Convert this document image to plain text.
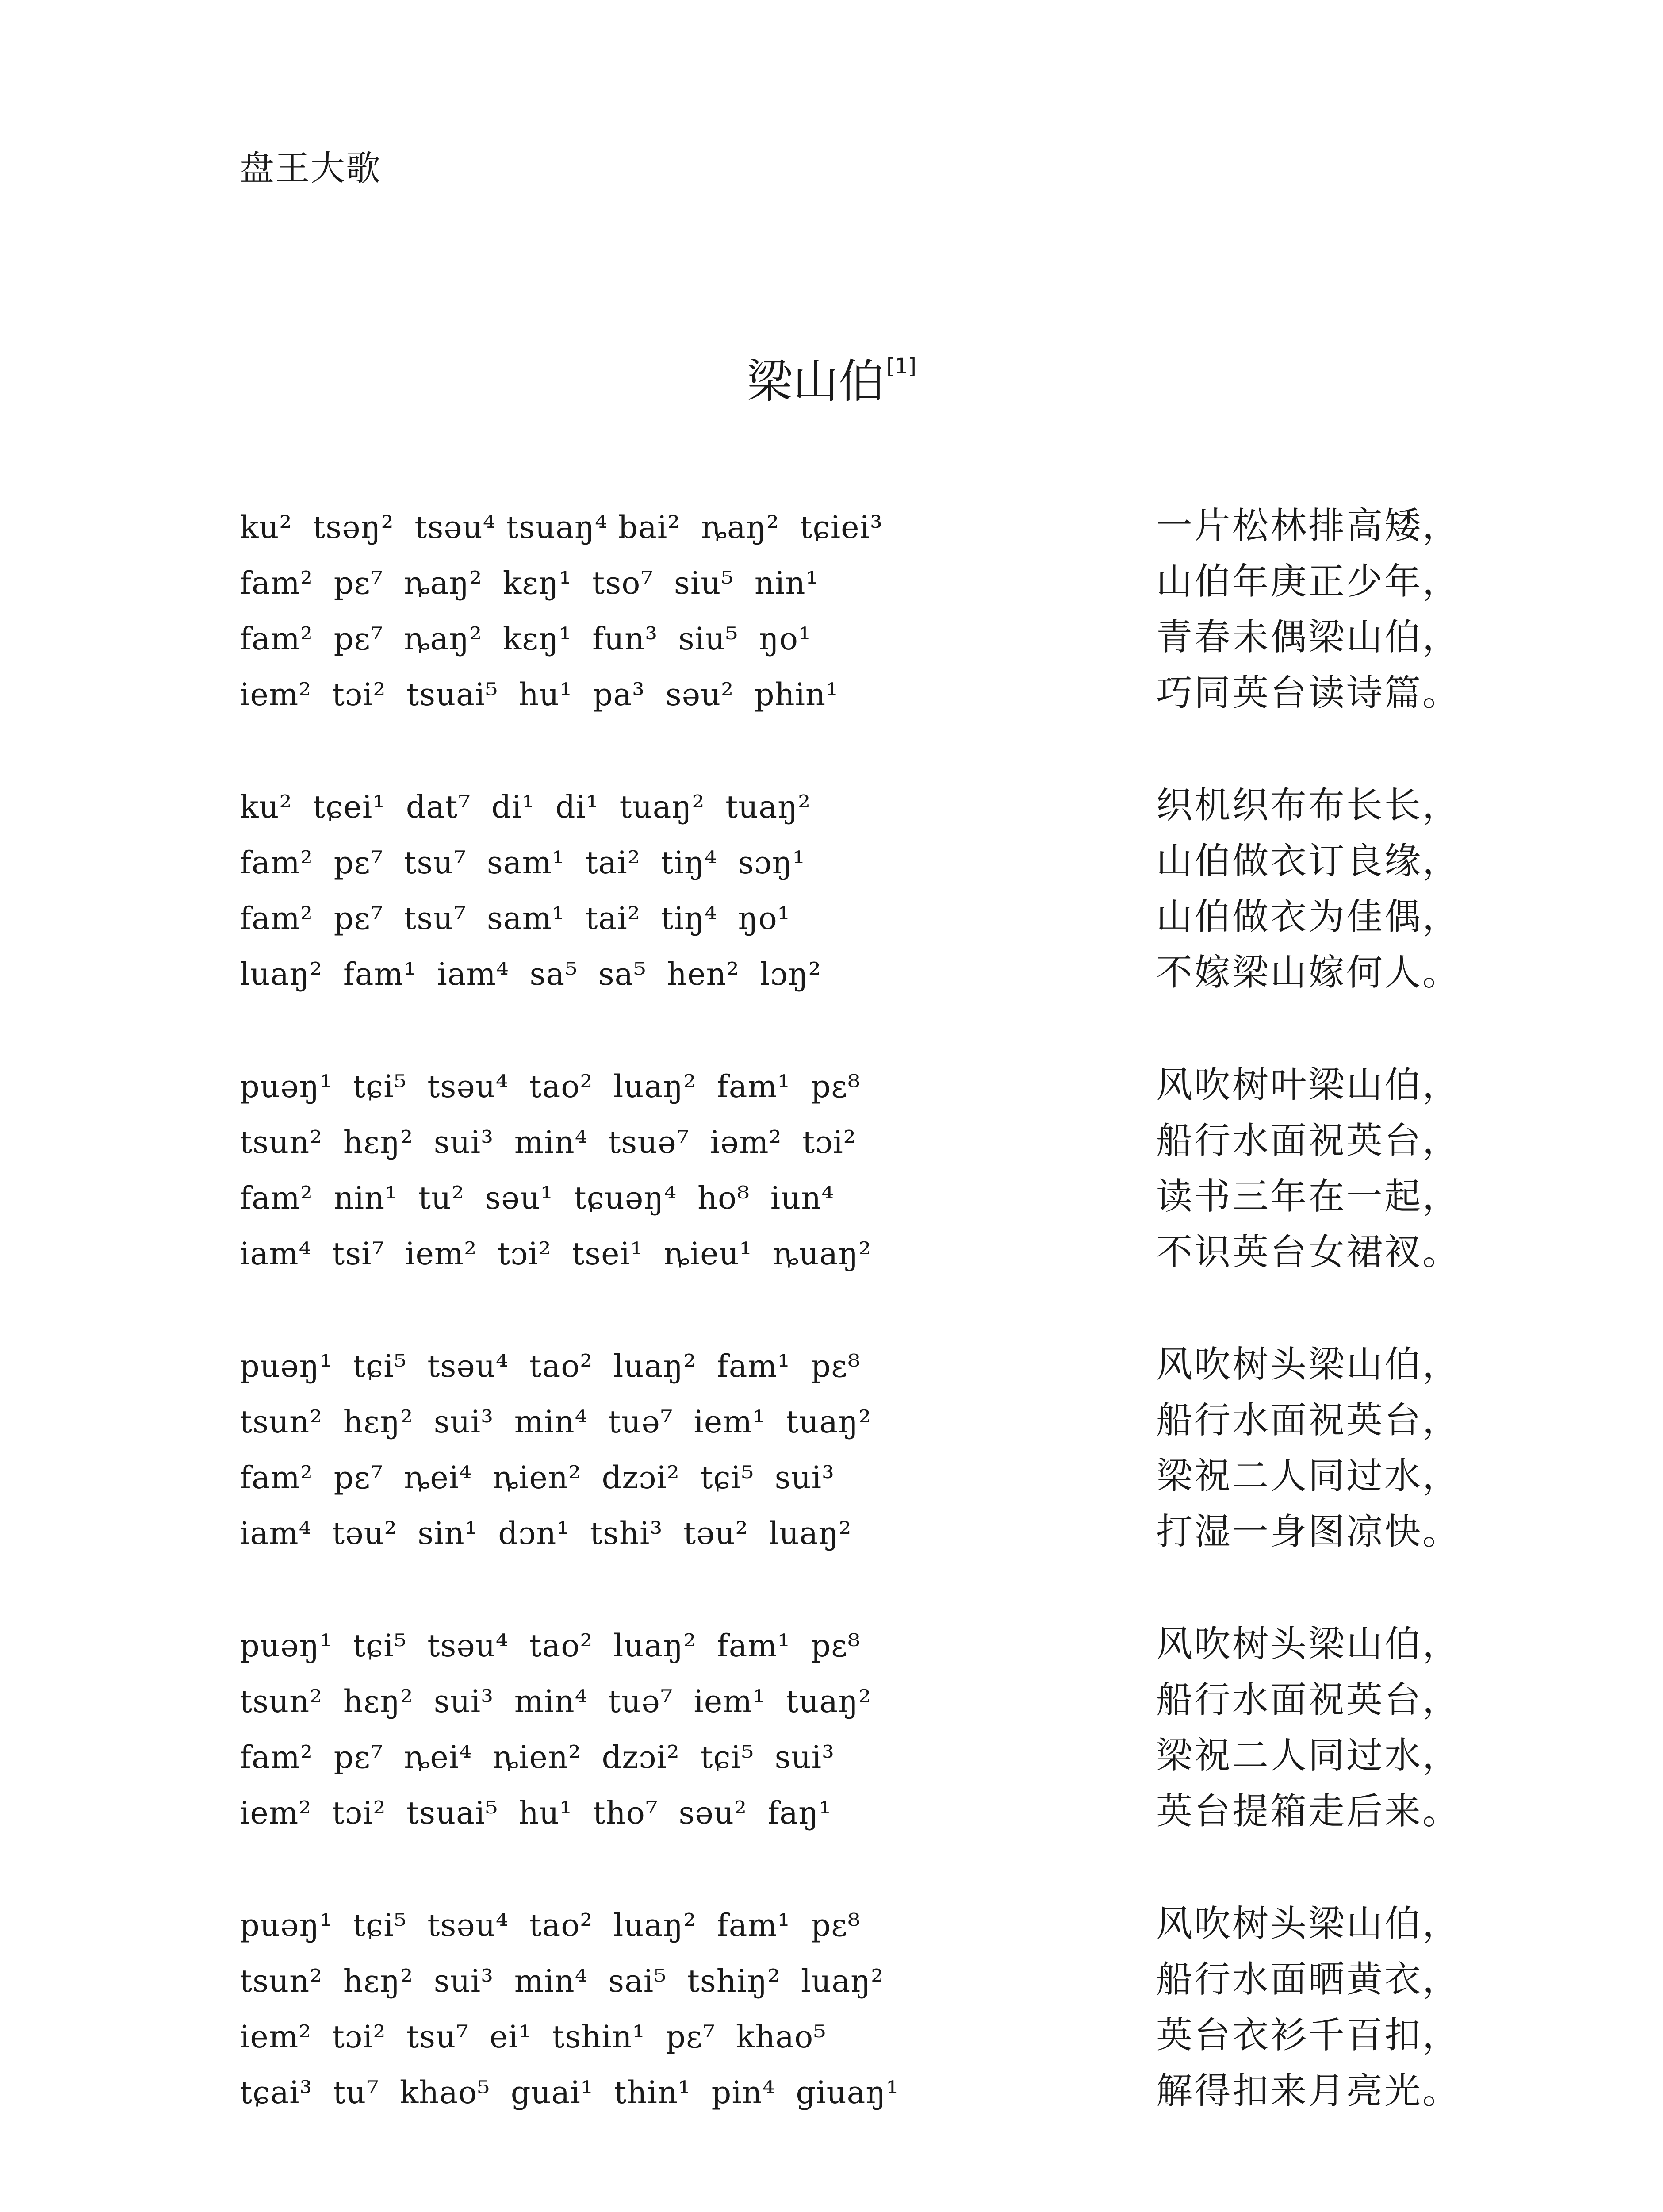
盘王大歌
梁山伯[1]
ku²  tsəŋ²  tsəu⁴ tsuaŋ⁴ bai²  ȵaŋ²  tɕiei³	一片松林排高矮，
fam²  pɛ⁷  ȵaŋ²  kɛŋ¹  tso⁷  siu⁵  nin¹	山伯年庚正少年，
fam²  pɛ⁷  ȵaŋ²  kɛŋ¹  fun³  siu⁵  ŋo¹	青春未偶梁山伯，
iem²  tɔi²  tsuai⁵  hu¹  pa³  səu²  phin¹	巧同英台读诗篇。
ku²  tɕei¹  dat⁷  di¹  di¹  tuaŋ²  tuaŋ²	织机织布布长长，
fam²  pɛ⁷  tsu⁷  sam¹  tai²  tiŋ⁴  sɔŋ¹	山伯做衣订良缘，
fam²  pɛ⁷  tsu⁷  sam¹  tai²  tiŋ⁴  ŋo¹	山伯做衣为佳偶，
luaŋ²  fam¹  iam⁴  sa⁵  sa⁵  hen²  lɔŋ²	不嫁梁山嫁何人。
puəŋ¹  tɕi⁵  tsəu⁴  tao²  luaŋ²  fam¹  pɛ⁸	风吹树叶梁山伯，
tsun²  hɛŋ²  sui³  min⁴  tsuə⁷  iəm²  tɔi²	船行水面祝英台，
fam²  nin¹  tu²  səu¹  tɕuəŋ⁴  ho⁸  iun⁴	读书三年在一起，
iam⁴  tsi⁷  iem²  tɔi²  tsei¹  ȵieu¹  ȵuaŋ²	不识英台女裙衩。
puəŋ¹  tɕi⁵  tsəu⁴  tao²  luaŋ²  fam¹  pɛ⁸	风吹树头梁山伯，
tsun²  hɛŋ²  sui³  min⁴  tuə⁷  iem¹  tuaŋ²	船行水面祝英台，
fam²  pɛ⁷  ȵei⁴  ȵien²  dzɔi²  tɕi⁵  sui³	梁祝二人同过水，
iam⁴  təu²  sin¹  dɔn¹  tshi³  təu²  luaŋ²	打湿一身图凉快。
puəŋ¹  tɕi⁵  tsəu⁴  tao²  luaŋ²  fam¹  pɛ⁸	风吹树头梁山伯，
tsun²  hɛŋ²  sui³  min⁴  tuə⁷  iem¹  tuaŋ²	船行水面祝英台，
fam²  pɛ⁷  ȵei⁴  ȵien²  dzɔi²  tɕi⁵  sui³	梁祝二人同过水，
iem²  tɔi²  tsuai⁵  hu¹  tho⁷  səu²  faŋ¹	英台提箱走后来。
puəŋ¹  tɕi⁵  tsəu⁴  tao²  luaŋ²  fam¹  pɛ⁸	风吹树头梁山伯，
tsun²  hɛŋ²  sui³  min⁴  sai⁵  tshiŋ²  luaŋ²	船行水面晒黄衣，
iem²  tɔi²  tsu⁷  ei¹  tshin¹  pɛ⁷  khao⁵	英台衣衫千百扣，
tɕai³  tu⁷  khao⁵  guai¹  thin¹  pin⁴  giuaŋ¹	解得扣来月亮光。
